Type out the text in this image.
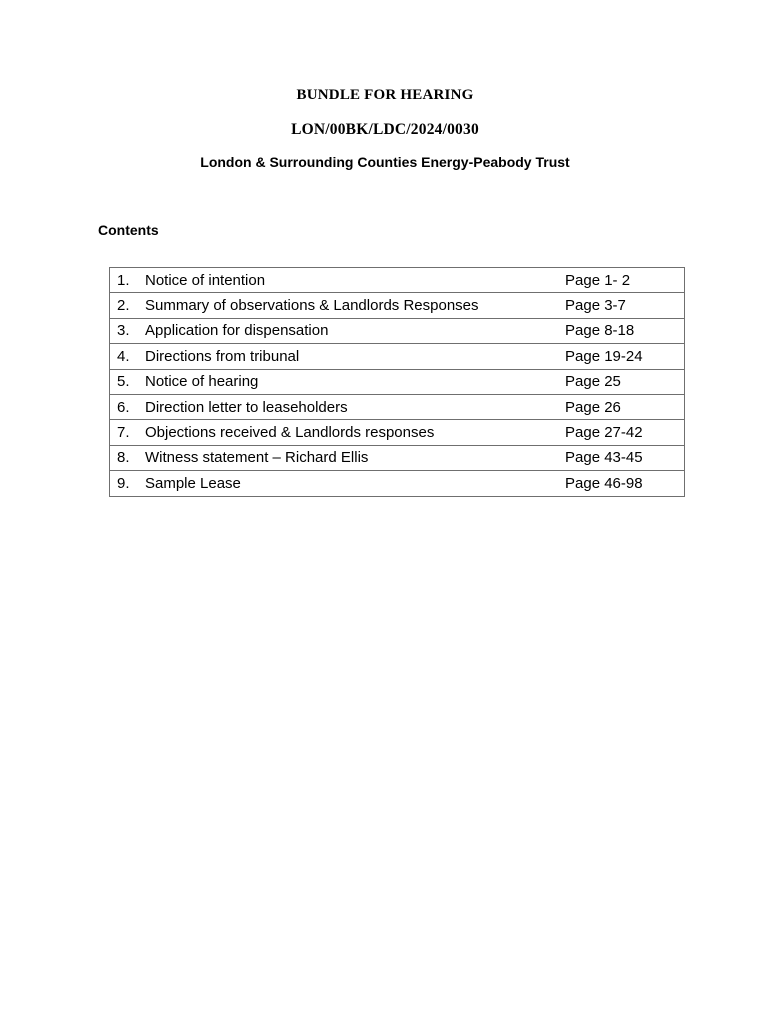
BUNDLE FOR HEARING
LON/00BK/LDC/2024/0030
London & Surrounding Counties Energy-Peabody Trust
Contents
1.	Notice of intention	Page 1- 2
2.	Summary of observations & Landlords Responses	Page 3-7
3.	Application for dispensation	Page 8-18
4.	Directions from tribunal	Page 19-24
5.	Notice of hearing	Page 25
6.	Direction letter to leaseholders	Page 26
7.	Objections received & Landlords responses	Page 27-42
8.	Witness statement – Richard Ellis	Page 43-45
9.	Sample Lease	Page 46-98
